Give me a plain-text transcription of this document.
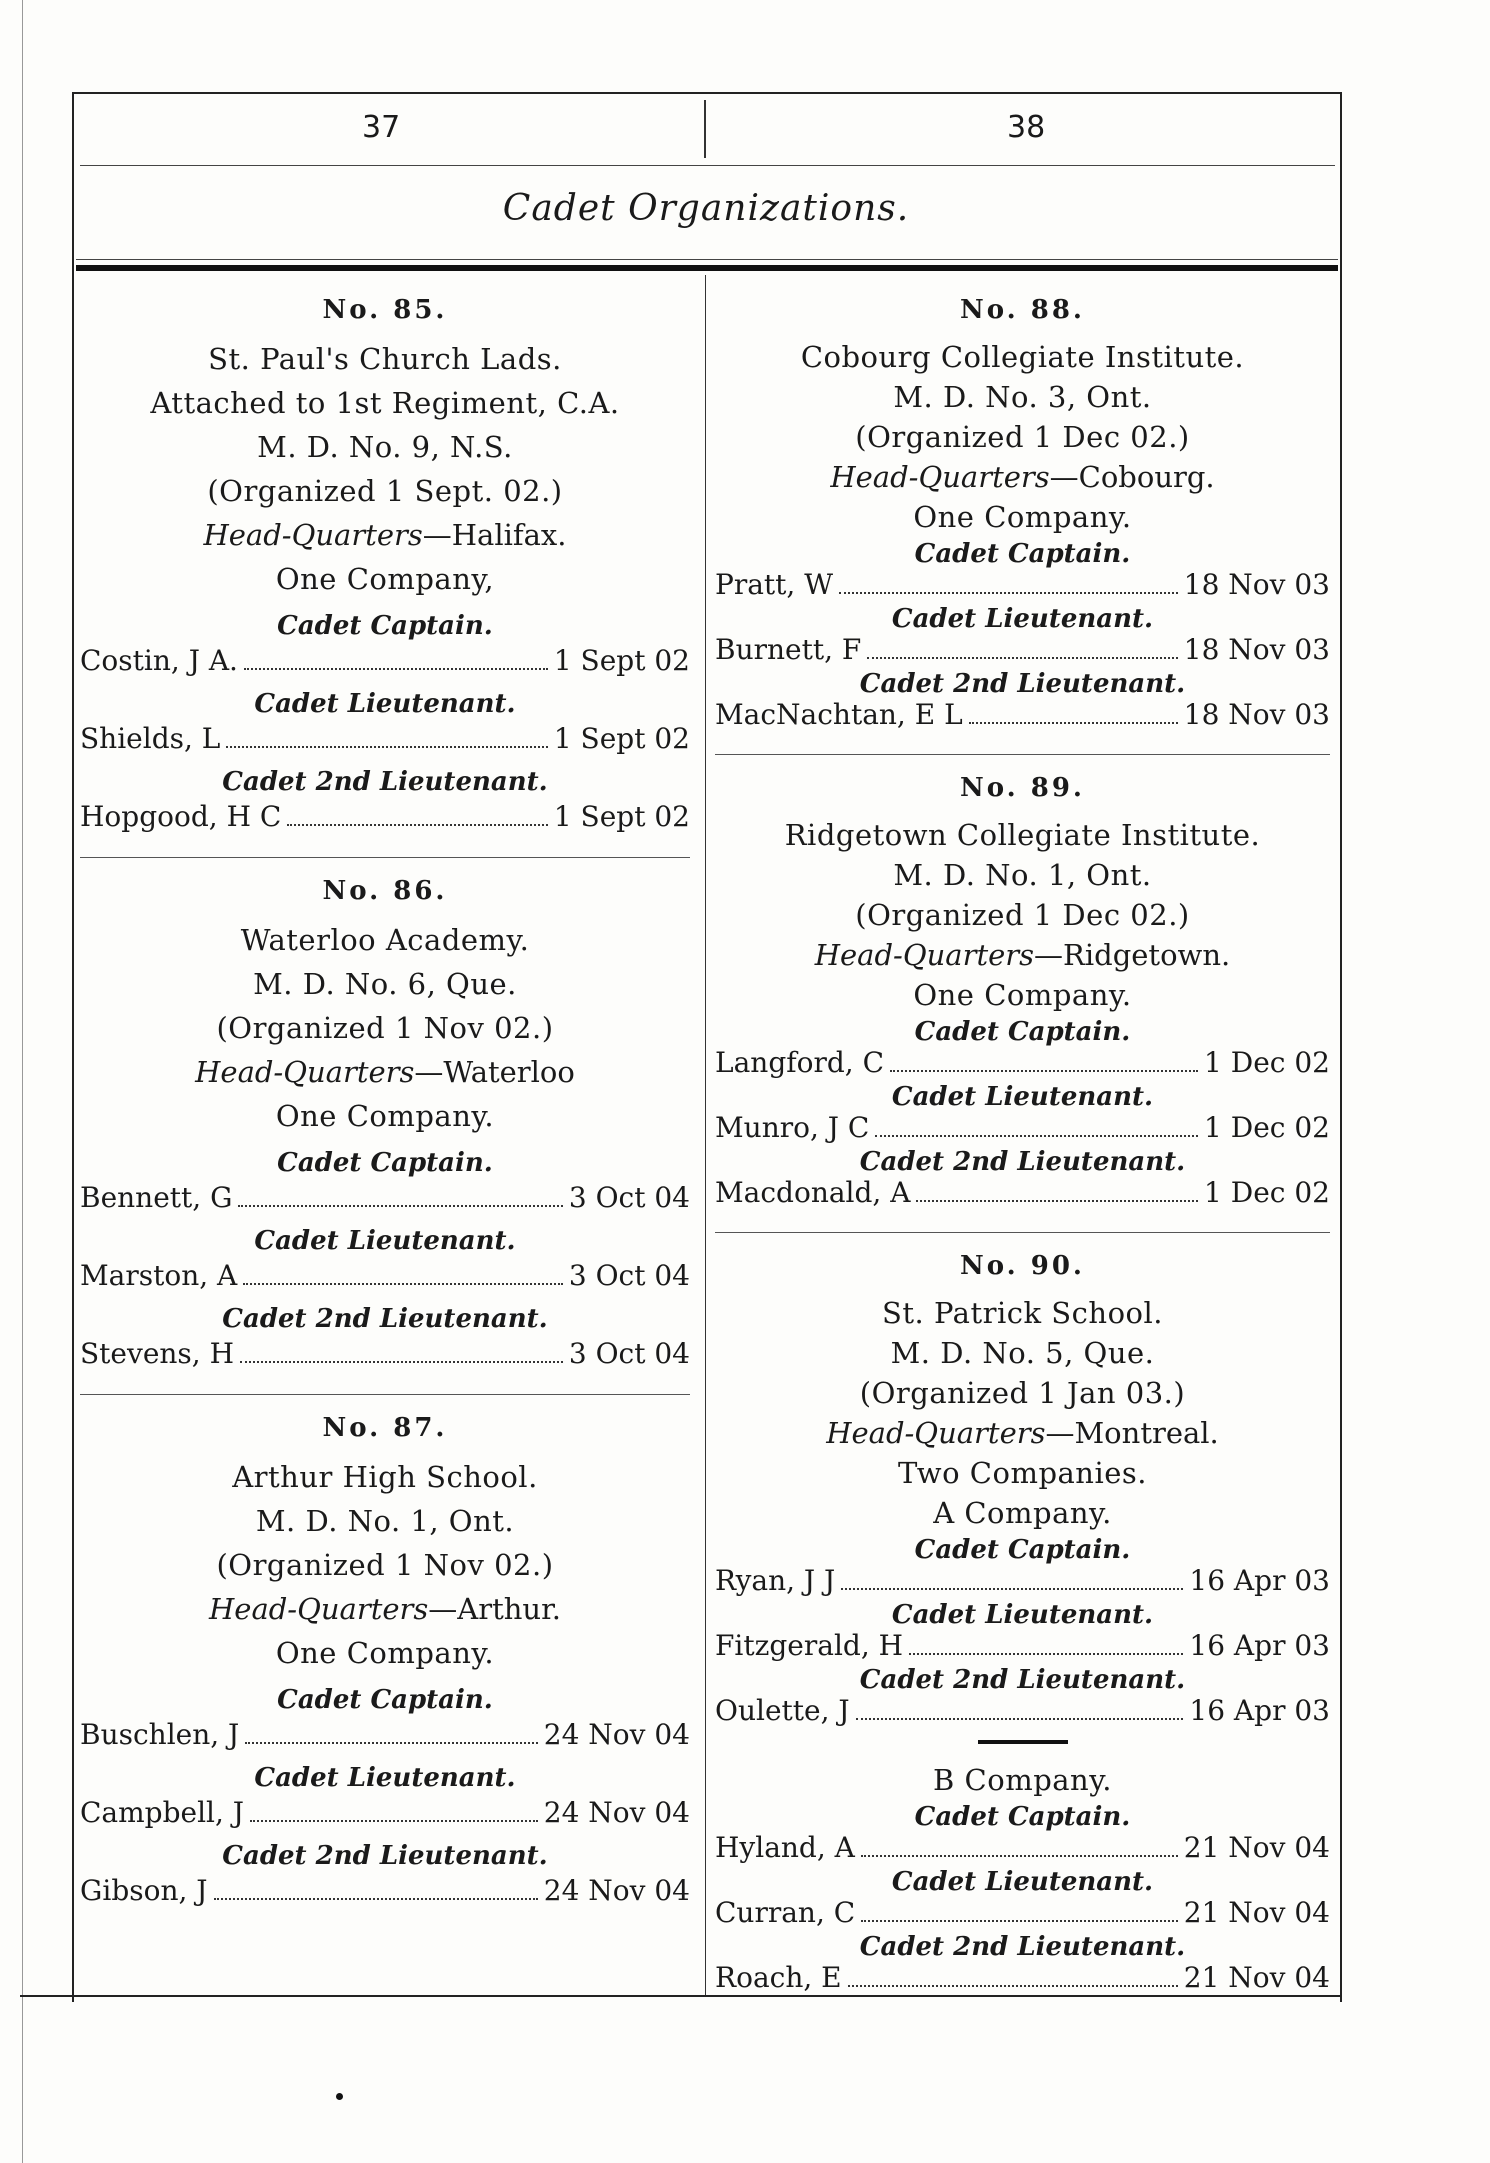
37	38
Cadet Organizations.
No. 85.
St. Paul's Church Lads.
Attached to 1st Regiment, C.A.
M. D. No. 9, N.S.
(Organized 1 Sept. 02.)
Head-Quarters—Halifax.
One Company,
Cadet Captain.
Costin, J A.	1 Sept 02
Cadet Lieutenant.
Shields, L	1 Sept 02
Cadet 2nd Lieutenant.
Hopgood, H C	1 Sept 02
No. 86.
Waterloo Academy.
M. D. No. 6, Que.
(Organized 1 Nov 02.)
Head-Quarters—Waterloo
One Company.
Cadet Captain.
Bennett, G	3 Oct 04
Cadet Lieutenant.
Marston, A	3 Oct 04
Cadet 2nd Lieutenant.
Stevens, H	3 Oct 04
No. 87.
Arthur High School.
M. D. No. 1, Ont.
(Organized 1 Nov 02.)
Head-Quarters—Arthur.
One Company.
Cadet Captain.
Buschlen, J	24 Nov 04
Cadet Lieutenant.
Campbell, J	24 Nov 04
Cadet 2nd Lieutenant.
Gibson, J	24 Nov 04
No. 88.
Cobourg Collegiate Institute.
M. D. No. 3, Ont.
(Organized 1 Dec 02.)
Head-Quarters—Cobourg.
One Company.
Cadet Captain.
Pratt, W	18 Nov 03
Cadet Lieutenant.
Burnett, F	18 Nov 03
Cadet 2nd Lieutenant.
MacNachtan, E L	18 Nov 03
No. 89.
Ridgetown Collegiate Institute.
M. D. No. 1, Ont.
(Organized 1 Dec 02.)
Head-Quarters—Ridgetown.
One Company.
Cadet Captain.
Langford, C	1 Dec 02
Cadet Lieutenant.
Munro, J C	1 Dec 02
Cadet 2nd Lieutenant.
Macdonald, A	1 Dec 02
No. 90.
St. Patrick School.
M. D. No. 5, Que.
(Organized 1 Jan 03.)
Head-Quarters—Montreal.
Two Companies.
A Company.
Cadet Captain.
Ryan, J J	16 Apr 03
Cadet Lieutenant.
Fitzgerald, H	16 Apr 03
Cadet 2nd Lieutenant.
Oulette, J	16 Apr 03
B Company.
Cadet Captain.
Hyland, A	21 Nov 04
Cadet Lieutenant.
Curran, C	21 Nov 04
Cadet 2nd Lieutenant.
Roach, E	21 Nov 04
